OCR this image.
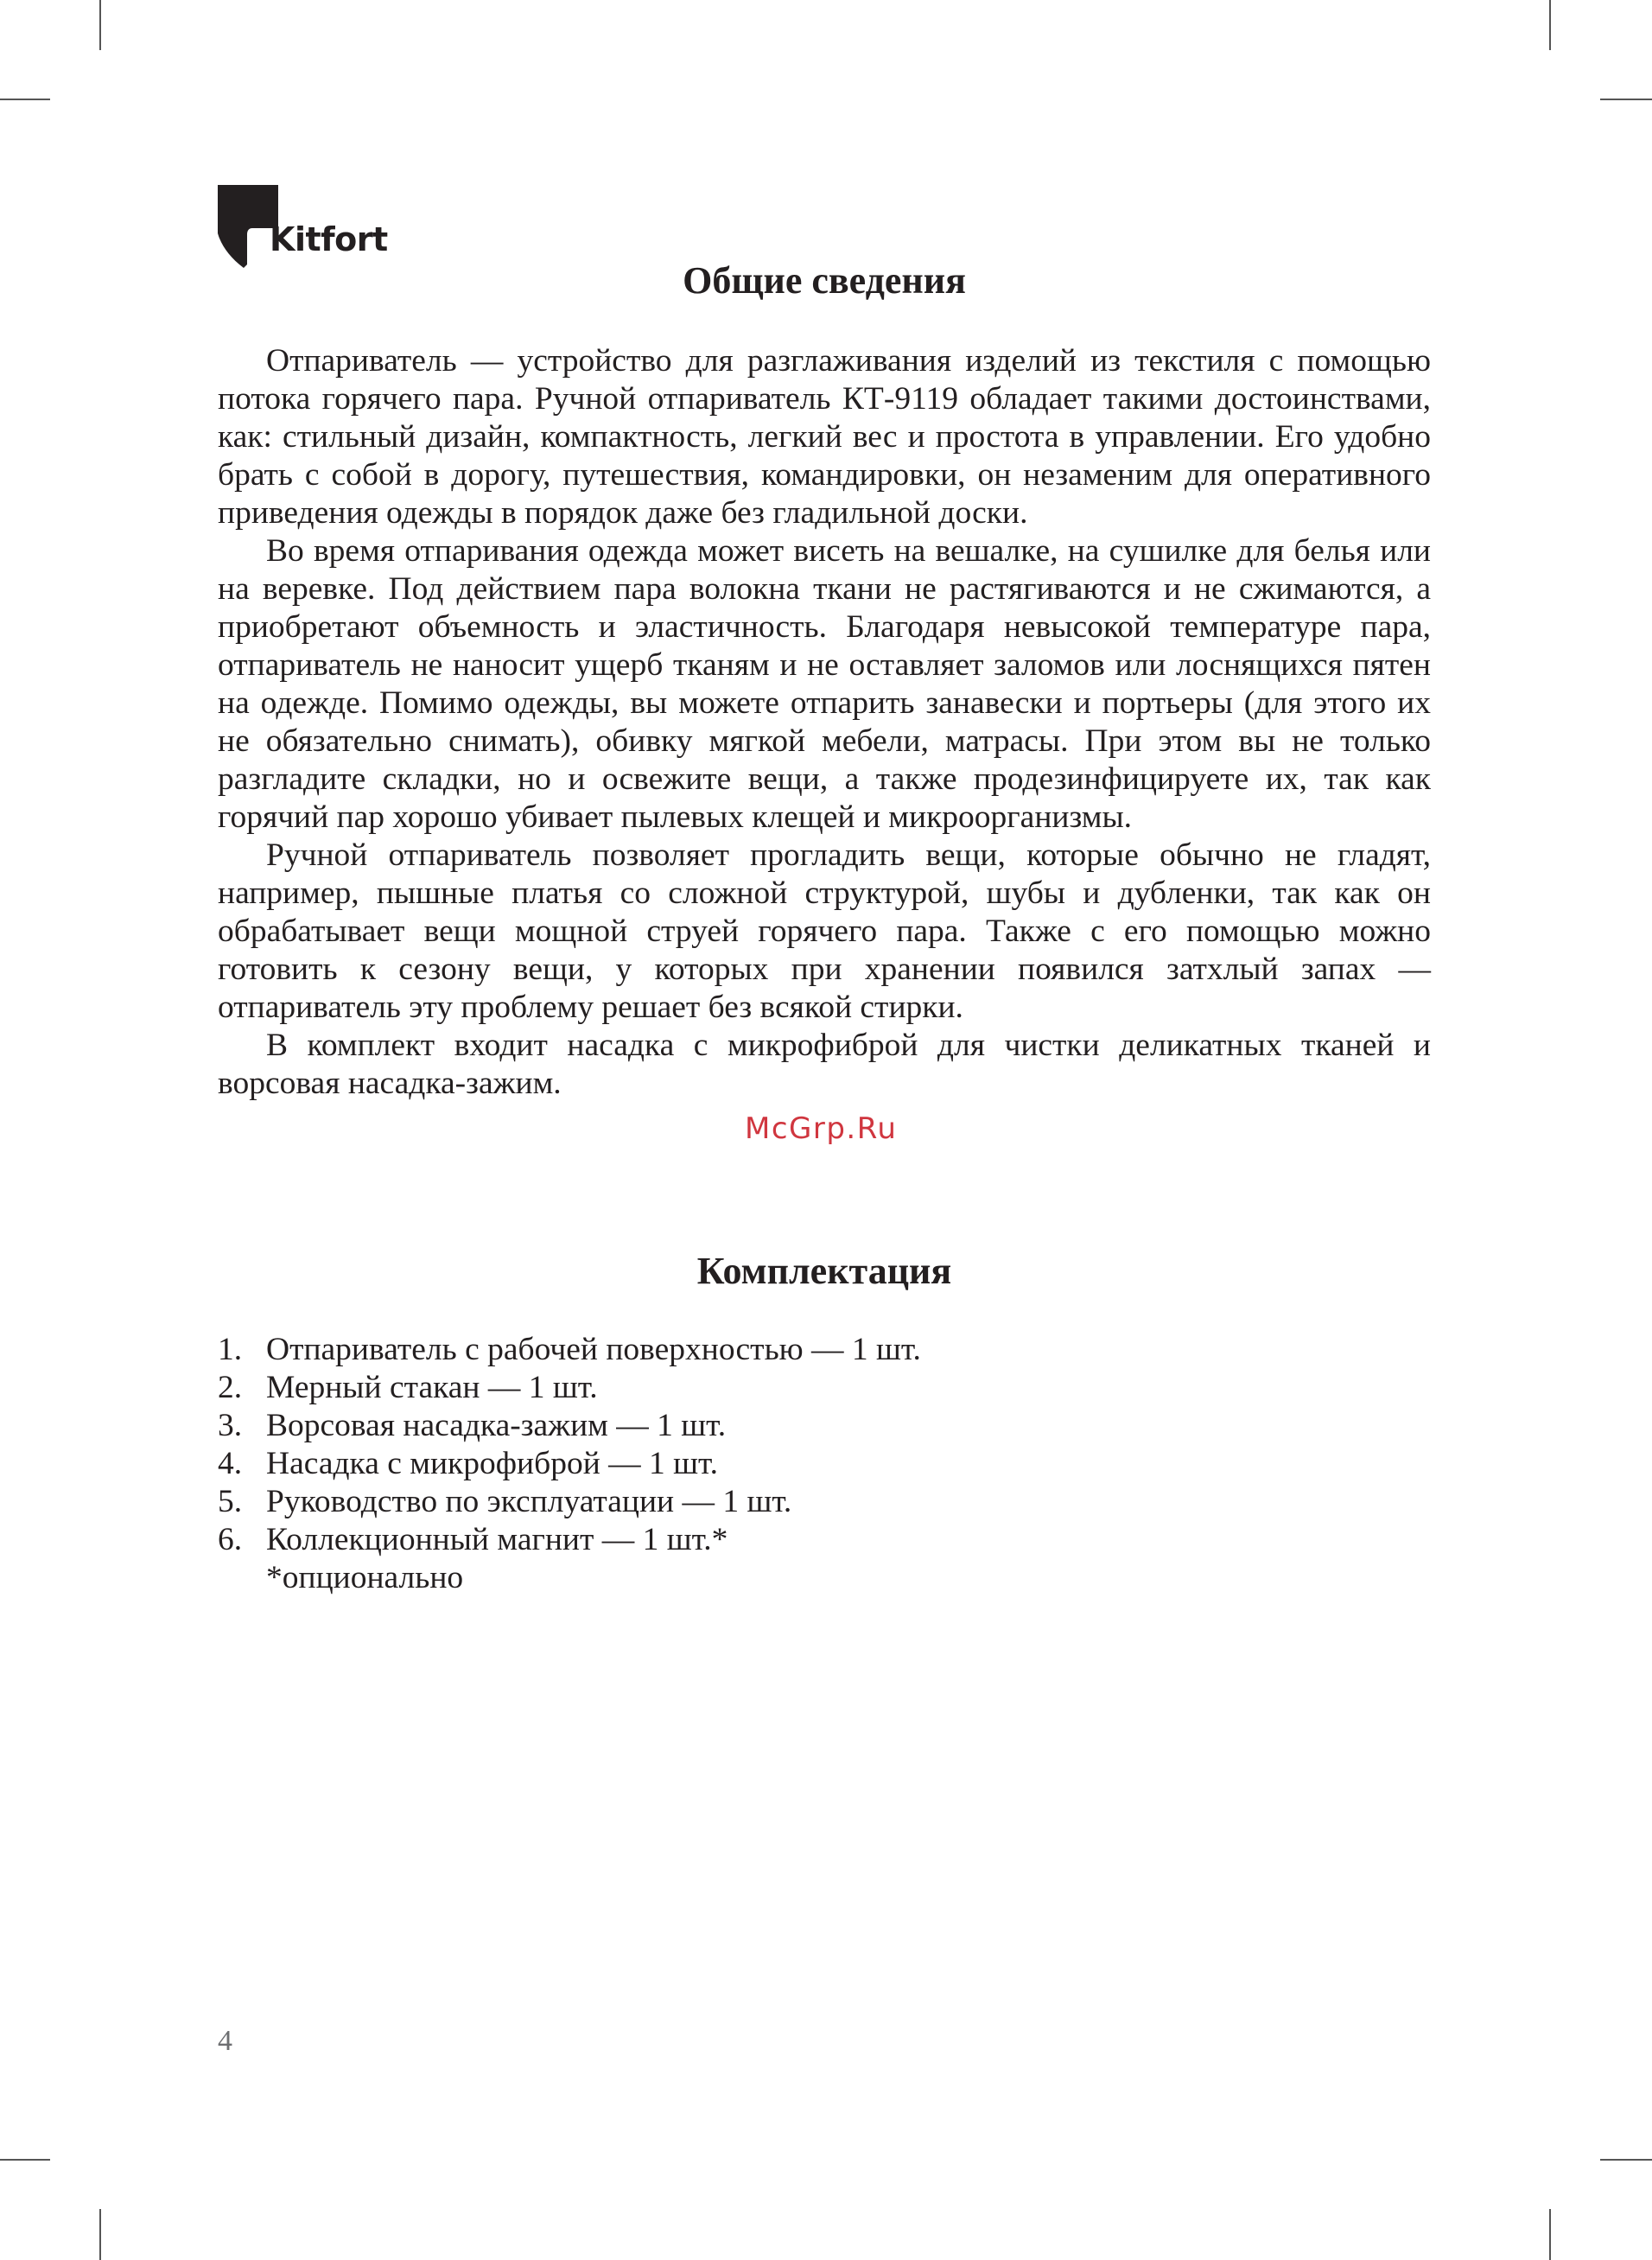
Kitfort
Общие сведения

Отпариватель — устройство для разглаживания изделий из текстиля с помощью потока горячего пара. Ручной отпариватель КТ-9119 обладает такими достоинствами, как: стильный дизайн, компактность, легкий вес и простота в управлении. Его удобно брать с собой в дорогу, путешествия, командировки, он незаменим для оперативного приведения одежды в порядок даже без гладильной доски.

Во время отпаривания одежда может висеть на вешалке, на сушилке для белья или на веревке. Под действием пара волокна ткани не растягиваются и не сжимаются, а приобретают объемность и эластичность. Благодаря невысокой температуре пара, отпариватель не наносит ущерб тканям и не оставляет заломов или лоснящихся пятен на одежде. Помимо одежды, вы можете отпарить занавески и портьеры (для этого их не обязательно снимать), обивку мягкой мебели, матрасы. При этом вы не только разгладите складки, но и освежите вещи, а также продезинфицируете их, так как горячий пар хорошо убивает пылевых клещей и микроорганизмы.

Ручной отпариватель позволяет прогладить вещи, которые обычно не гладят, например, пышные платья со сложной структурой, шубы и дубленки, так как он обрабатывает вещи мощной струей горячего пара. Также с его помощью можно готовить к сезону вещи, у которых при хранении появился затхлый запах — отпариватель эту проблему решает без всякой стирки.

В комплект входит насадка с микрофиброй для чистки деликатных тканей и ворсовая насадка-зажим.

McGrp.Ru
Комплектация
1. Отпариватель с рабочей поверхностью — 1 шт.
2. Мерный стакан — 1 шт.
3. Ворсовая насадка-зажим — 1 шт.
4. Насадка с микрофиброй — 1 шт.
5. Руководство по эксплуатации — 1 шт.
6. Коллекционный магнит — 1 шт.*
*опционально
4
